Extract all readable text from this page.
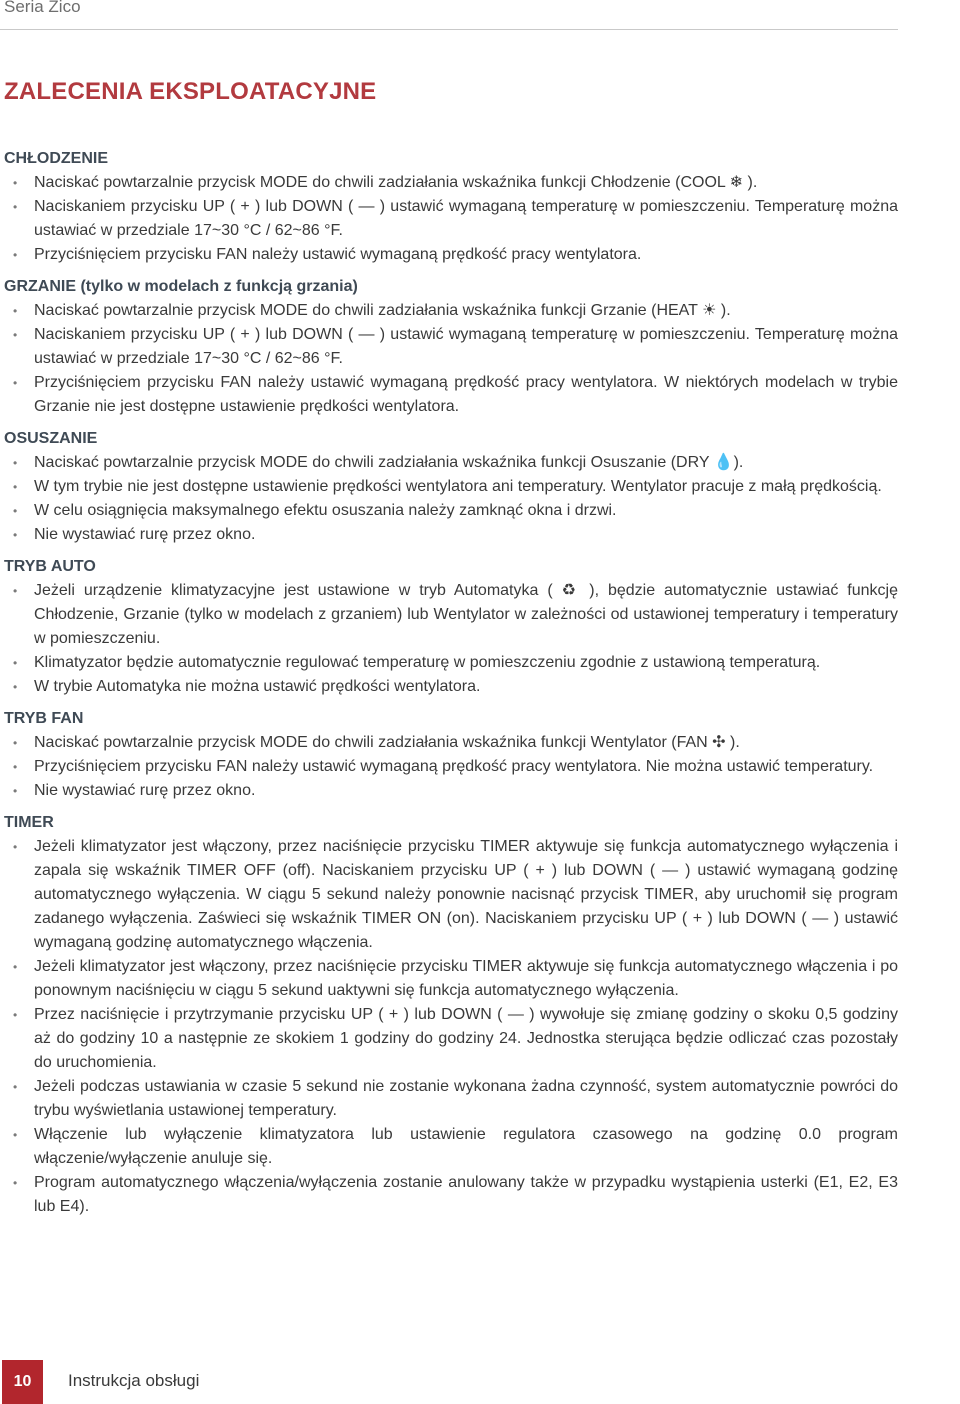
Seria Zico
ZALECENIA EKSPLOATACYJNE
CHŁODZENIE
• Naciskać powtarzalnie przycisk MODE do chwili zadziałania wskaźnika funkcji Chłodzenie (COOL ❄ ).
• Naciskaniem przycisku UP ( + ) lub DOWN ( — ) ustawić wymaganą temperaturę w pomieszczeniu. Temperaturę można ustawiać w przedziale 17~30 °C / 62~86 °F.
• Przyciśnięciem przycisku FAN należy ustawić wymaganą prędkość pracy wentylatora.
GRZANIE (tylko w modelach z funkcją grzania)
• Naciskać powtarzalnie przycisk MODE do chwili zadziałania wskaźnika funkcji Grzanie (HEAT ☀ ).
• Naciskaniem przycisku UP ( + ) lub DOWN ( — ) ustawić wymaganą temperaturę w pomieszczeniu. Temperaturę można ustawiać w przedziale 17~30 °C / 62~86 °F.
• Przyciśnięciem przycisku FAN należy ustawić wymaganą prędkość pracy wentylatora. W niektórych modelach w trybie Grzanie nie jest dostępne ustawienie prędkości wentylatora.
OSUSZANIE
• Naciskać powtarzalnie przycisk MODE do chwili zadziałania wskaźnika funkcji Osuszanie (DRY 💧).
• W tym trybie nie jest dostępne ustawienie prędkości wentylatora ani temperatury. Wentylator pracuje z małą prędkością.
• W celu osiągnięcia maksymalnego efektu osuszania należy zamknąć okna i drzwi.
• Nie wystawiać rurę przez okno.
TRYB AUTO
• Jeżeli urządzenie klimatyzacyjne jest ustawione w tryb Automatyka ( ♻ ), będzie automatycznie ustawiać funkcję Chłodzenie, Grzanie (tylko w modelach z grzaniem) lub Wentylator w zależności od ustawionej temperatury i temperatury w pomieszczeniu.
• Klimatyzator będzie automatycznie regulować temperaturę w pomieszczeniu zgodnie z ustawioną temperaturą.
• W trybie Automatyka nie można ustawić prędkości wentylatora.
TRYB FAN
• Naciskać powtarzalnie przycisk MODE do chwili zadziałania wskaźnika funkcji Wentylator (FAN ✣ ).
• Przyciśnięciem przycisku FAN należy ustawić wymaganą prędkość pracy wentylatora. Nie można ustawić temperatury.
• Nie wystawiać rurę przez okno.
TIMER
• Jeżeli klimatyzator jest włączony, przez naciśnięcie przycisku TIMER aktywuje się funkcja automatycznego wyłączenia i zapala się wskaźnik TIMER OFF (off). Naciskaniem przycisku UP ( + ) lub DOWN ( — ) ustawić wymaganą godzinę automatycznego wyłączenia. W ciągu 5 sekund należy ponownie nacisnąć przycisk TIMER, aby uruchomił się program zadanego wyłączenia. Zaświeci się wskaźnik TIMER ON (on). Naciskaniem przycisku UP ( + ) lub DOWN ( — ) ustawić wymaganą godzinę automatycznego włączenia.
• Jeżeli klimatyzator jest włączony, przez naciśnięcie przycisku TIMER aktywuje się funkcja automatycznego włączenia i po ponownym naciśnięciu w ciągu 5 sekund uaktywni się funkcja automatycznego wyłączenia.
• Przez naciśnięcie i przytrzymanie przycisku UP ( + ) lub DOWN ( — ) wywołuje się zmianę godziny o skoku 0,5 godziny aż do godziny 10 a następnie ze skokiem 1 godziny do godziny 24. Jednostka sterująca będzie odliczać czas pozostały do uruchomienia.
• Jeżeli podczas ustawiania w czasie 5 sekund nie zostanie wykonana żadna czynność, system automatycznie powróci do trybu wyświetlania ustawionej temperatury.
• Włączenie lub wyłączenie klimatyzatora lub ustawienie regulatora czasowego na godzinę 0.0 program włączenie/wyłączenie anuluje się.
• Program automatycznego włączenia/wyłączenia zostanie anulowany także w przypadku wystąpienia usterki (E1, E2, E3 lub E4).
10	Instrukcja obsługi
